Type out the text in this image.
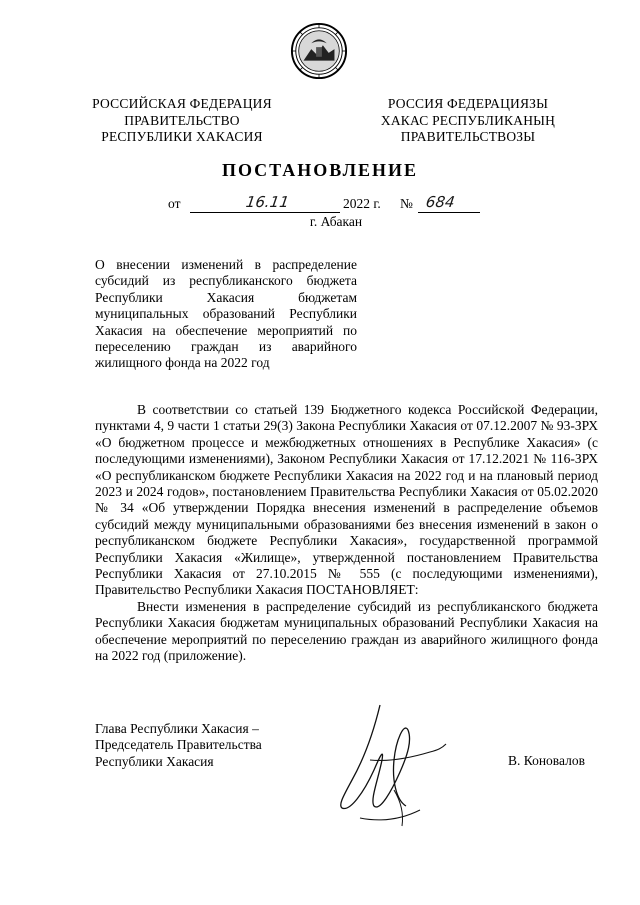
РОССИЙСКАЯ ФЕДЕРАЦИЯ
ПРАВИТЕЛЬСТВО
РЕСПУБЛИКИ ХАКАСИЯ
РОССИЯ ФЕДЕРАЦИЯЗЫ
ХАКАС РЕСПУБЛИКАНЫҢ
ПРАВИТЕЛЬСТВОЗЫ
ПОСТАНОВЛЕНИЕ
от	16.11	2022 г. № 684
г. Абакан
О внесении изменений в распределение субсидий из республиканского бюджета Республики Хакасия бюджетам муниципальных образований Республики Хакасия на обеспечение мероприятий по переселению граждан из аварийного жилищного фонда на 2022 год

В соответствии со статьей 139 Бюджетного кодекса Российской Федерации, пунктами 4, 9 части 1 статьи 29(3) Закона Республики Хакасия от 07.12.2007 № 93-ЗРХ «О бюджетном процессе и межбюджетных отношениях в Республике Хакасия» (с последующими изменениями), Законом Республики Хакасия от 17.12.2021 № 116-ЗРХ «О республиканском бюджете Республики Хакасия на 2022 год и на плановый период 2023 и 2024 годов», постановлением Правительства Республики Хакасия от 05.02.2020 № 34 «Об утверждении Порядка внесения изменений в распределение объемов субсидий между муниципальными образованиями без внесения изменений в закон о республиканском бюджете Республики Хакасия», государственной программой Республики Хакасия «Жилище», утвержденной постановлением Правительства Республики Хакасия от 27.10.2015 № 555 (с последующими изменениями), Правительство Республики Хакасия ПОСТАНОВЛЯЕТ:

Внести изменения в распределение субсидий из республиканского бюджета Республики Хакасия бюджетам муниципальных образований Республики Хакасия на обеспечение мероприятий по переселению граждан из аварийного жилищного фонда на 2022 год (приложение).

Глава Республики Хакасия –
Председатель Правительства
Республики Хакасия	В. Коновалов
